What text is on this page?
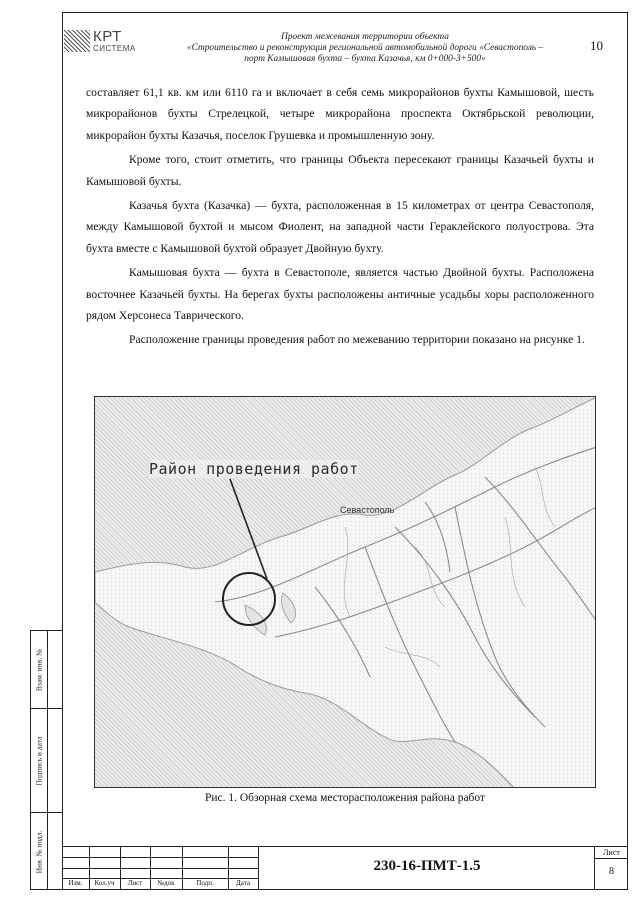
Взам. инв. №
Подпись и дата
Инв. № подл.
КРТ
СИСТЕМА
Проект межевания территории объекта
«Строительство и реконструкция региональной автомобильной дороги «Севастополь –
порт Камышовая бухта – бухта Казачья, км 0+000-3+500»
10

составляет 61,1 кв. км или 6110 га и включает в себя семь микрорайонов бухты Камышовой, шесть микрорайонов бухты Стрелецкой, четыре микрорайона проспекта Октябрьской революции, микрорайон бухты Казачья, поселок Грушевка и промышленную зону.

Кроме того, стоит отметить, что границы Объекта пересекают границы Казачьей бухты и Камышовой бухты.

Казачья бухта (Казачка) — бухта, расположенная в 15 километрах от центра Севастополя, между Камышовой бухтой и мысом Фиолент, на западной части Гераклейского полуострова. Эта бухта вместе с Камышовой бухтой образует Двойную бухту.

Камышовая бухта — бухта в Севастополе, является частью Двойной бухты. Расположена восточнее Казачьей бухты. На берегах бухты расположены античные усадьбы хоры расположенного рядом Херсонеса Таврического.

Расположение границы проведения работ по межеванию территории показано на рисунке 1.

Район проведения работ
Севастополь
Рис. 1. Обзорная схема месторасположения района работ
Изм.	Кол.уч	Лист	№док	Подп.	Дата
230-16-ПМТ-1.5
Лист
8
